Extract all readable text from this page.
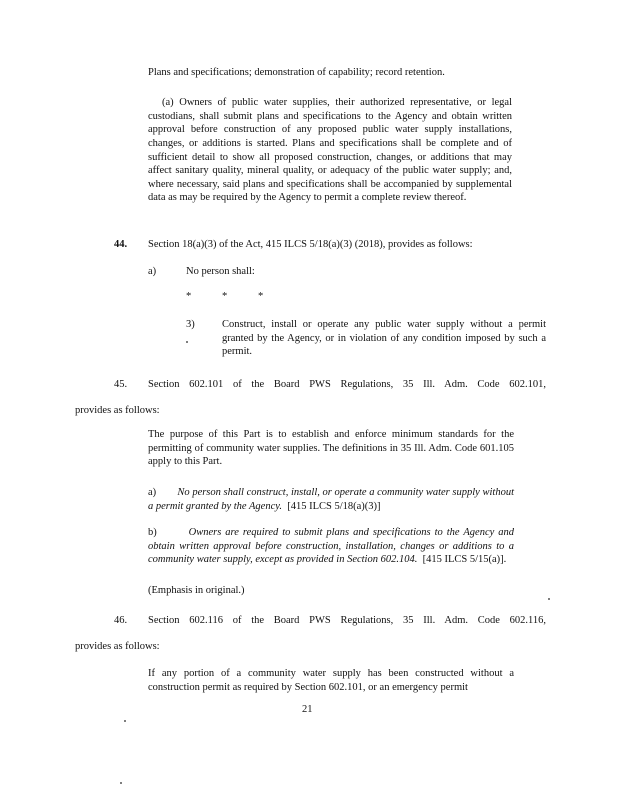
Plans and specifications; demonstration of capability; record retention.

(a) Owners of public water supplies, their authorized representative, or legal custodians, shall submit plans and specifications to the Agency and obtain written approval before construction of any proposed public water supply installations, changes, or additions is started. Plans and specifications shall be complete and of sufficient detail to show all proposed construction, changes, or additions that may affect sanitary quality, mineral quality, or adequacy of the public water supply; and, where necessary, said plans and specifications shall be accompanied by supplemental data as may be required by the Agency to permit a complete review thereof.

44. Section 18(a)(3) of the Act, 415 ILCS 5/18(a)(3) (2018), provides as follows:
a)	No person shall:
*	*	*
3)	Construct, install or operate any public water supply without a permit granted by the Agency, or in violation of any condition imposed by such a permit.

45. Section 602.101 of the Board PWS Regulations, 35 Ill. Adm. Code 602.101,

provides as follows:

The purpose of this Part is to establish and enforce minimum standards for the permitting of community water supplies. The definitions in 35 Ill. Adm. Code 601.105 apply to this Part.

a) No person shall construct, install, or operate a community water supply without a permit granted by the Agency. [415 ILCS 5/18(a)(3)]

b)	Owners are required to submit plans and specifications to the Agency and obtain written approval before construction, installation, changes or additions to a community water supply, except as provided in Section 602.104. [415 ILCS 5/15(a)].

(Emphasis in original.)
46. Section 602.116 of the Board PWS Regulations, 35 Ill. Adm. Code 602.116,

provides as follows:

If any portion of a community water supply has been constructed without a construction permit as required by Section 602.101, or an emergency permit

21
